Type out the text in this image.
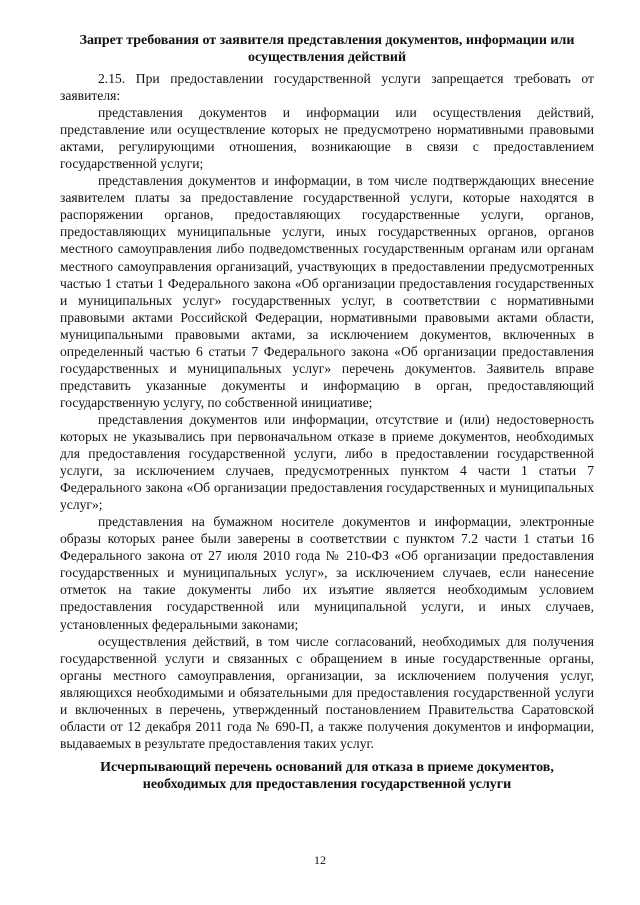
Запрет требования от заявителя представления документов, информации или осуществления действий

2.15. При предоставлении государственной услуги запрещается требовать от заявителя:

представления документов и информации или осуществления действий, представление или осуществление которых не предусмотрено нормативными правовыми актами, регулирующими отношения, возникающие в связи с предоставлением государственной услуги;

представления документов и информации, в том числе подтверждающих внесение заявителем платы за предоставление государственной услуги, которые находятся в распоряжении органов, предоставляющих государственные услуги, органов, предоставляющих муниципальные услуги, иных государственных органов, органов местного самоуправления либо подведомственных государственным органам или органам местного самоуправления организаций, участвующих в предоставлении предусмотренных частью 1 статьи 1 Федерального закона «Об организации предоставления государственных и муниципальных услуг» государственных услуг, в соответствии с нормативными правовыми актами Российской Федерации, нормативными правовыми актами области, муниципальными правовыми актами, за исключением документов, включенных в определенный частью 6 статьи 7 Федерального закона «Об организации предоставления государственных и муниципальных услуг» перечень документов. Заявитель вправе представить указанные документы и информацию в орган, предоставляющий государственную услугу, по собственной инициативе;

представления документов или информации, отсутствие и (или) недостоверность которых не указывались при первоначальном отказе в приеме документов, необходимых для предоставления государственной услуги, либо в предоставлении государственной услуги, за исключением случаев, предусмотренных пунктом 4 части 1 статьи 7 Федерального закона «Об организации предоставления государственных и муниципальных услуг»;

представления на бумажном носителе документов и информации, электронные образы которых ранее были заверены в соответствии с пунктом 7.2 части 1 статьи 16 Федерального закона от 27 июля 2010 года № 210-ФЗ «Об организации предоставления государственных и муниципальных услуг», за исключением случаев, если нанесение отметок на такие документы либо их изъятие является необходимым условием предоставления государственной или муниципальной услуги, и иных случаев, установленных федеральными законами;

осуществления действий, в том числе согласований, необходимых для получения государственной услуги и связанных с обращением в иные государственные органы, органы местного самоуправления, организации, за исключением получения услуг, являющихся необходимыми и обязательными для предоставления государственной услуги и включенных в перечень, утвержденный постановлением Правительства Саратовской области от 12 декабря 2011 года № 690-П, а также получения документов и информации, выдаваемых в результате предоставления таких услуг.

Исчерпывающий перечень оснований для отказа в приеме документов, необходимых для предоставления государственной услуги
12
